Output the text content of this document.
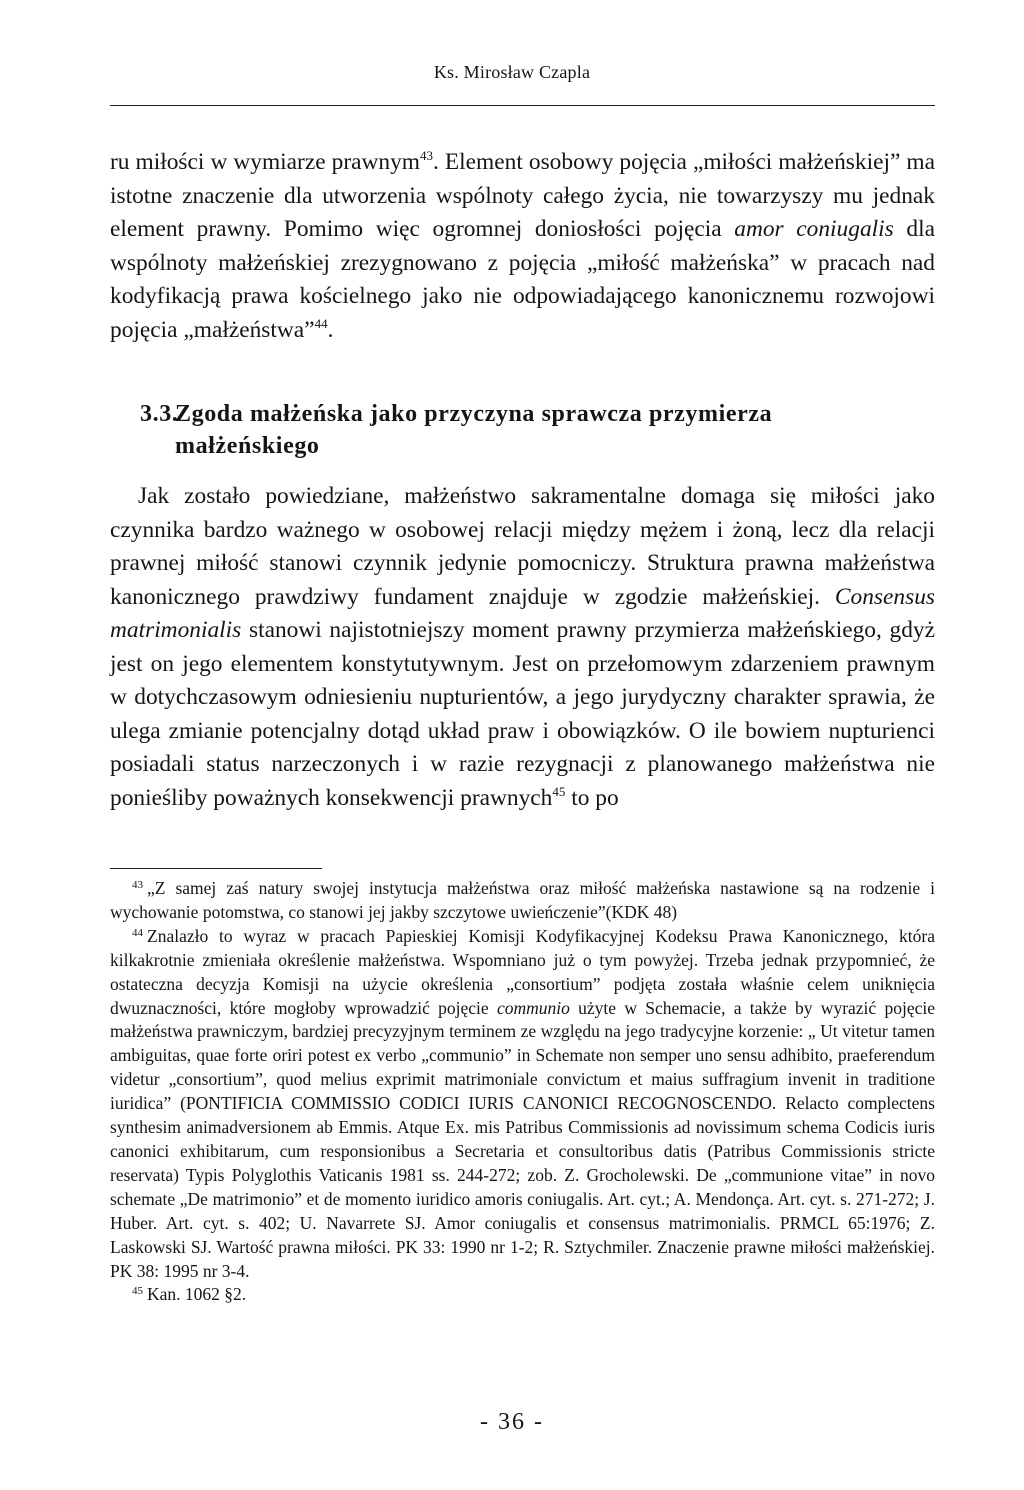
Ks. Mirosław Czapla

ru miłości w wymiarze prawnym$^{43}$. Element osobowy pojęcia „miłości małżeńskiej” ma istotne znaczenie dla utworzenia wspólnoty całego życia, nie towarzyszy mu jednak element prawny. Pomimo więc ogromnej doniosłości pojęcia amor coniugalis dla wspólnoty małżeńskiej zrezygnowano z pojęcia „miłość małżeńska” w pracach nad kodyfikacją prawa kościelnego jako nie odpowiadającego kanonicznemu rozwojowi pojęcia „małżeństwa”$^{44}$.

3.3.
Zgoda małżeńska jako przyczyna sprawcza przymierza małżeńskiego

Jak zostało powiedziane, małżeństwo sakramentalne domaga się miłości jako czynnika bardzo ważnego w osobowej relacji między mężem i żoną, lecz dla relacji prawnej miłość stanowi czynnik jedynie pomocniczy. Struktura prawna małżeństwa kanonicznego prawdziwy fundament znajduje w zgodzie małżeńskiej. Consensus matrimonialis stanowi najistotniejszy moment prawny przymierza małżeńskiego, gdyż jest on jego elementem konstytutywnym. Jest on przełomowym zdarzeniem prawnym w dotychczasowym odniesieniu nupturientów, a jego jurydyczny charakter sprawia, że ulega zmianie potencjalny dotąd układ praw i obowiązków. O ile bowiem nupturienci posiadali status narzeczonych i w razie rezygnacji z planowanego małżeństwa nie ponieśliby poważnych konsekwencji prawnych$^{45}$ to po

$^{43}$ „Z samej zaś natury swojej instytucja małżeństwa oraz miłość małżeńska nastawione są na rodzenie i wychowanie potomstwa, co stanowi jej jakby szczytowe uwieńczenie”(KDK 48)

$^{44}$ Znalazło to wyraz w pracach Papieskiej Komisji Kodyfikacyjnej Kodeksu Prawa Kanonicznego, która kilkakrotnie zmieniała określenie małżeństwa. Wspomniano już o tym powyżej. Trzeba jednak przypomnieć, że ostateczna decyzja Komisji na użycie określenia „consortium” podjęta została właśnie celem uniknięcia dwuznaczności, które mogłoby wprowadzić pojęcie communio użyte w Schemacie, a także by wyrazić pojęcie małżeństwa prawniczym, bardziej precyzyjnym terminem ze względu na jego tradycyjne korzenie: „ Ut vitetur tamen ambiguitas, quae forte oriri potest ex verbo „communio” in Schemate non semper uno sensu adhibito, praeferendum videtur „consortium”, quod melius exprimit matrimoniale convictum et maius suffragium invenit in traditione iuridica” (PONTIFICIA COMMISSIO CODICI IURIS CANONICI RECOGNOSCENDO. Relacto complectens synthesim animadversionem ab Emmis. Atque Ex. mis Patribus Commissionis ad novissimum schema Codicis iuris canonici exhibitarum, cum responsionibus a Secretaria et consultoribus datis (Patribus Commissionis stricte reservata) Typis Polyglothis Vaticanis 1981 ss. 244-272; zob. Z. Grocholewski. De „communione vitae” in novo schemate „De matrimonio” et de momento iuridico amoris coniugalis. Art. cyt.; A. Mendonça. Art. cyt. s. 271-272; J. Huber. Art. cyt. s. 402; U. Navarrete SJ. Amor coniugalis et consensus matrimonialis. PRMCL 65:1976; Z. Laskowski SJ. Wartość prawna miłości. PK 33: 1990 nr 1-2; R. Sztychmiler. Znaczenie prawne miłości małżeńskiej. PK 38: 1995 nr 3-4.

$^{45}$ Kan. 1062 §2.

- 36 -
